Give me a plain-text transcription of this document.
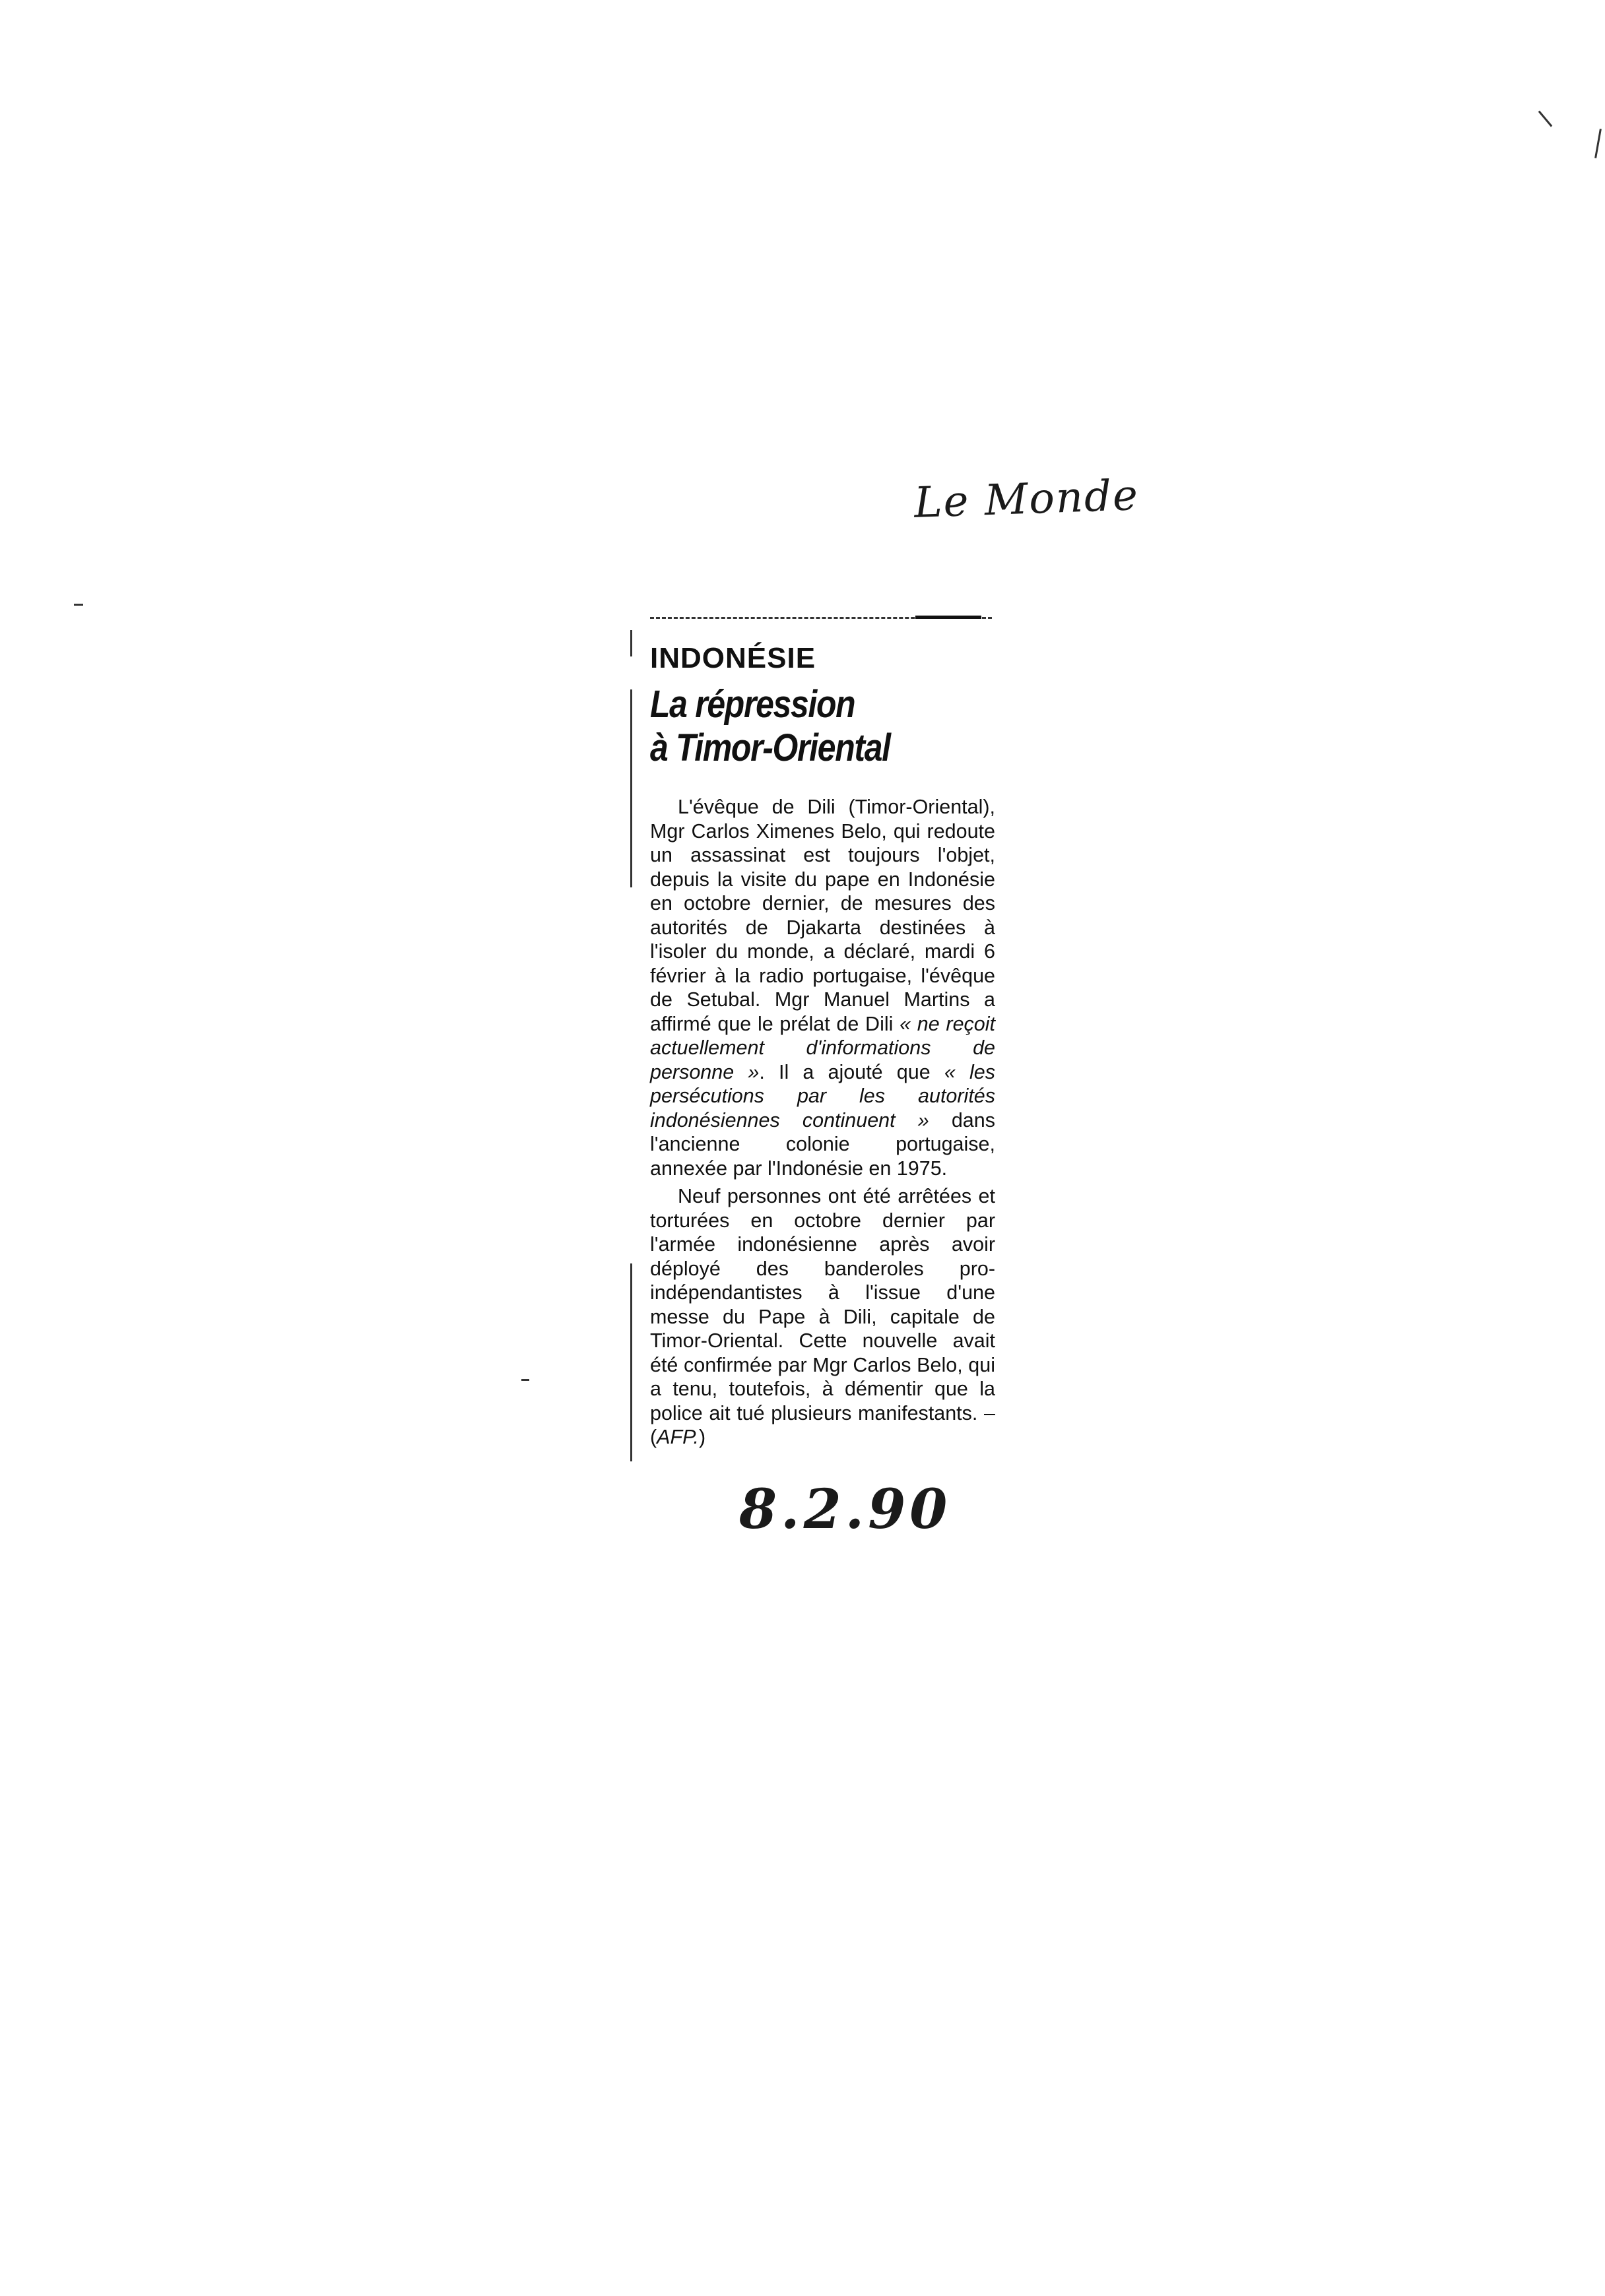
Le Monde
INDONÉSIE
La répression
à Timor-Oriental

L'évêque de Dili (Timor-Oriental), Mgr Carlos Ximenes Belo, qui redoute un assassinat est toujours l'objet, depuis la visite du pape en Indonésie en octobre dernier, de mesures des autorités de Djakarta destinées à l'isoler du monde, a déclaré, mardi 6 février à la radio portugaise, l'évêque de Setubal. Mgr Manuel Martins a affirmé que le prélat de Dili « ne reçoit actuellement d'informations de personne ». Il a ajouté que « les persécutions par les autorités indonésiennes continuent » dans l'ancienne colonie portugaise, annexée par l'Indonésie en 1975.

Neuf personnes ont été arrêtées et torturées en octobre dernier par l'armée indonésienne après avoir déployé des banderoles pro-indépendantistes à l'issue d'une messe du Pape à Dili, capitale de Timor-Oriental. Cette nouvelle avait été confirmée par Mgr Carlos Belo, qui a tenu, toutefois, à démentir que la police ait tué plusieurs manifestants. – (AFP.)

8.2.90
